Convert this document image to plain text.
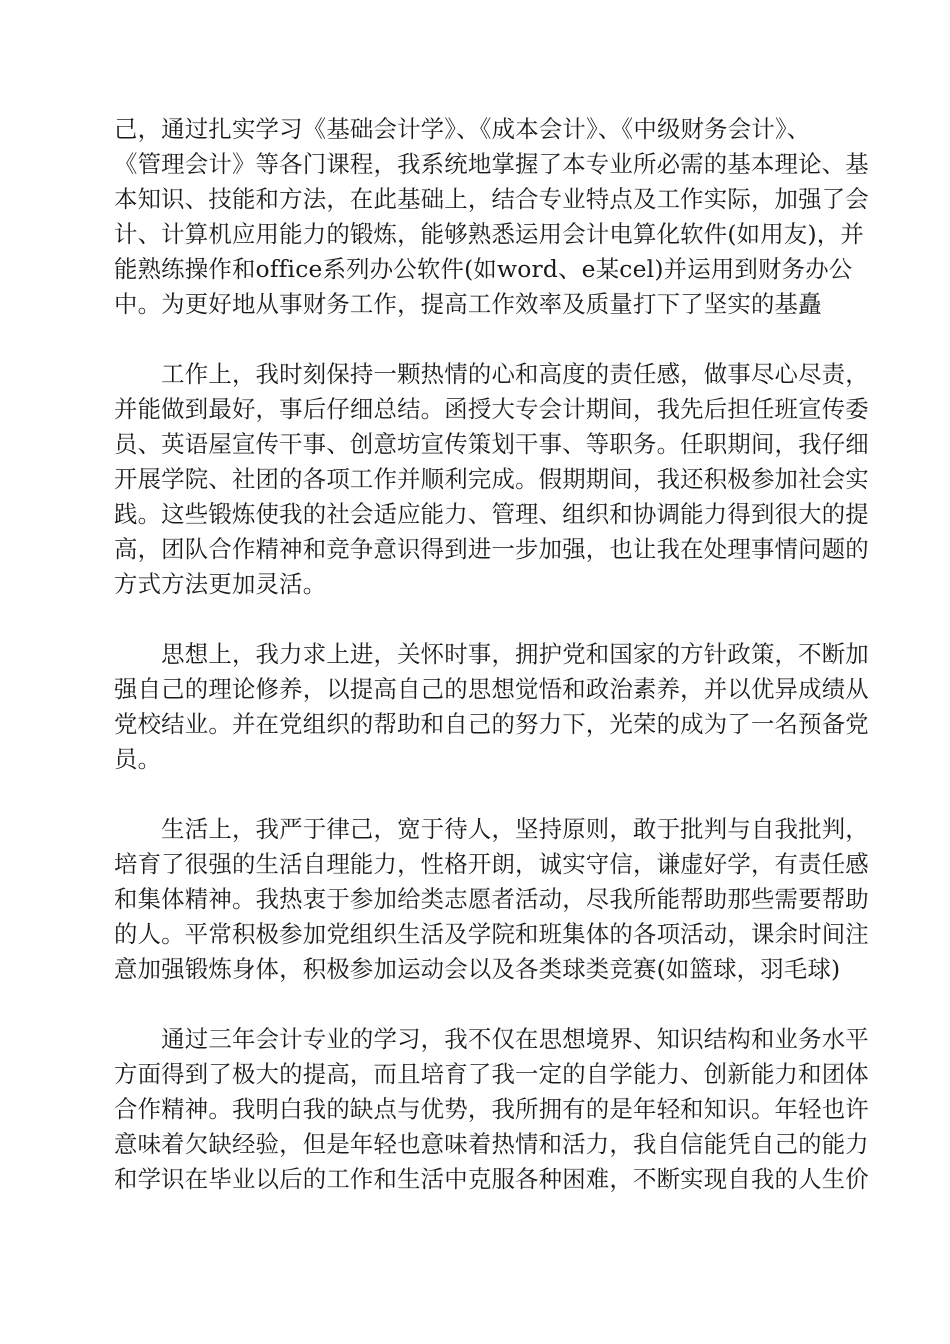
己，通过扎实学习《基础会计学》、《成本会计》、《中级财务会计》、
《管理会计》等各门课程，我系统地掌握了本专业所必需的基本理论、基
本知识、技能和方法，在此基础上，结合专业特点及工作实际，加强了会
计、计算机应用能力的锻炼，能够熟悉运用会计电算化软件(如用友)，并
能熟练操作和office系列办公软件(如word、e某cel)并运用到财务办公
中。为更好地从事财务工作，提高工作效率及质量打下了坚实的基矗
　　工作上，我时刻保持一颗热情的心和高度的责任感，做事尽心尽责，
并能做到最好，事后仔细总结。函授大专会计期间，我先后担任班宣传委
员、英语屋宣传干事、创意坊宣传策划干事、等职务。任职期间，我仔细
开展学院、社团的各项工作并顺利完成。假期期间，我还积极参加社会实
践。这些锻炼使我的社会适应能力、管理、组织和协调能力得到很大的提
高，团队合作精神和竞争意识得到进一步加强，也让我在处理事情问题的
方式方法更加灵活。
　　思想上，我力求上进，关怀时事，拥护党和国家的方针政策，不断加
强自己的理论修养，以提高自己的思想觉悟和政治素养，并以优异成绩从
党校结业。并在党组织的帮助和自己的努力下，光荣的成为了一名预备党
员。
　　生活上，我严于律己，宽于待人，坚持原则，敢于批判与自我批判，
培育了很强的生活自理能力，性格开朗，诚实守信，谦虚好学，有责任感
和集体精神。我热衷于参加给类志愿者活动，尽我所能帮助那些需要帮助
的人。平常积极参加党组织生活及学院和班集体的各项活动，课余时间注
意加强锻炼身体，积极参加运动会以及各类球类竞赛(如篮球，羽毛球)
　　通过三年会计专业的学习，我不仅在思想境界、知识结构和业务水平
方面得到了极大的提高，而且培育了我一定的自学能力、创新能力和团体
合作精神。我明白我的缺点与优势，我所拥有的是年轻和知识。年轻也许
意味着欠缺经验，但是年轻也意味着热情和活力，我自信能凭自己的能力
和学识在毕业以后的工作和生活中克服各种困难，不断实现自我的人生价
